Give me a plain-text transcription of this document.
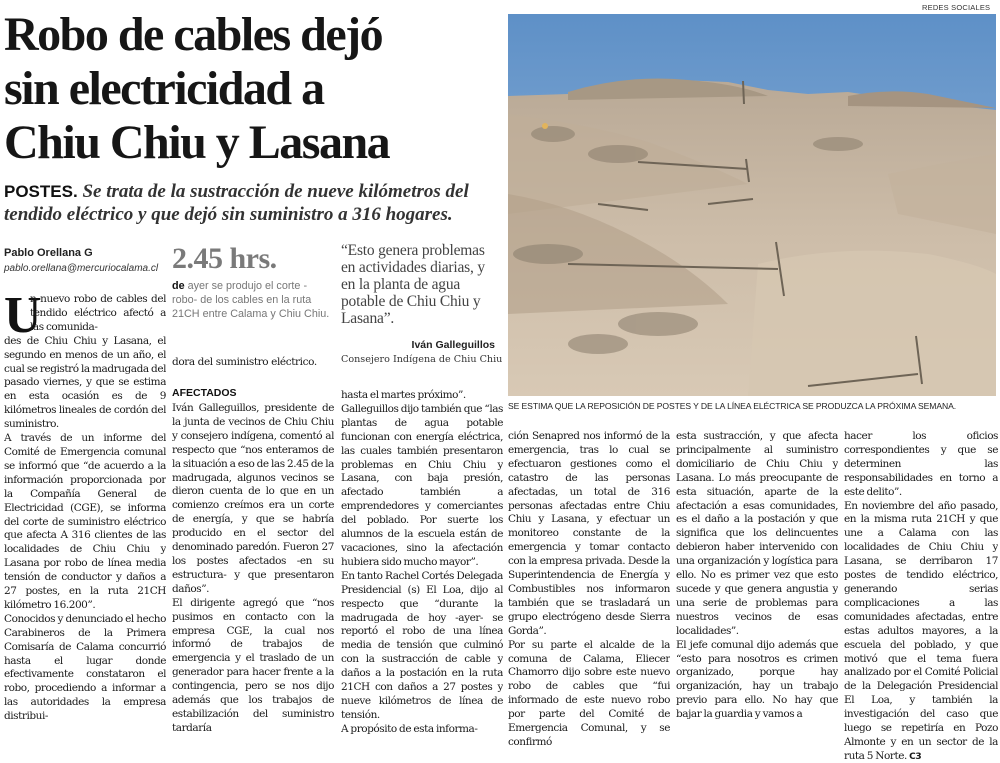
Robo de cables dejó
sin electricidad a
Chiu Chiu y Lasana

POSTES. Se trata de la sustracción de nueve kilómetros del tendido eléctrico y que dejó sin suministro a 316 hogares.

Pablo Orellana G
pablo.orellana@mercuriocalama.cl
U
n nuevo robo de cables del tendido eléctrico afectó a las comunida-
des de Chiu Chiu y Lasana, el segundo en menos de un año, el cual se registró la madrugada del pasado viernes, y que se estima en esta ocasión es de 9 kilómetros lineales de cordón del suministro.
A través de un informe del Comité de Emergencia comunal se informó que “de acuerdo a la información proporcionada por la Compañía General de Electricidad (CGE), se informa del corte de suministro eléctrico que afecta A 316 clientes de las localidades de Chiu Chiu y Lasana por robo de línea media tensión de conductor y daños a 27 postes, en la ruta 21CH kilómetro 16.200”.
Conocidos y denunciado el hecho Carabineros de la Primera Comisaría de Calama concurrió hasta el lugar donde efectivamente constataron el robo, procediendo a informar a las autoridades la empresa distribui-
2.45 hrs.
de ayer se produjo el corte -robo- de los cables en la ruta 21CH entre Calama y Chiu Chiu.
dora del suministro eléctrico.
AFECTADOS
Iván Galleguillos, presidente de la junta de vecinos de Chiu Chiu y consejero indígena, comentó al respecto que “nos enteramos de la situación a eso de las 2.45 de la madrugada, algunos vecinos se dieron cuenta de lo que en un comienzo creímos era un corte de energía, y que se habría producido en el sector del denominado paredón. Fueron 27 los postes afectados -en su estructura- y que presentaron daños”.
El dirigente agregó que “nos pusimos en contacto con la empresa CGE, la cual nos informó de trabajos de emergencia y el traslado de un generador para hacer frente a la contingencia, pero se nos dijo además que los trabajos de estabilización del suministro tardaría
“Esto genera problemas en actividades diarias, y en la planta de agua potable de Chiu Chiu y Lasana”.
Iván Galleguillos
Consejero Indígena de Chiu Chiu
hasta el martes próximo”.
Galleguillos dijo también que “las plantas de agua potable funcionan con energía eléctrica, las cuales también presentaron problemas en Chiu Chiu y Lasana, con baja presión, afectado también a emprendedores y comerciantes del poblado. Por suerte los alumnos de la escuela están de vacaciones, sino la afectación hubiera sido mucho mayor”.
En tanto Rachel Cortés Delegada Presidencial (s) El Loa, dijo al respecto que “durante la madrugada de hoy -ayer- se reportó el robo de una línea media de tensión que culminó con la sustracción de cable y daños a la postación en la ruta 21CH con daños a 27 postes y nueve kilómetros de línea de tensión.
A propósito de esta informa-
REDES SOCIALES
SE ESTIMA QUE LA REPOSICIÓN DE POSTES Y DE LA LÍNEA ELÉCTRICA SE PRODUZCA LA PRÓXIMA SEMANA.
ción Senapred nos informó de la emergencia, tras lo cual se efectuaron gestiones como el catastro de las personas afectadas, un total de 316 personas afectadas entre Chiu Chiu y Lasana, y efectuar un monitoreo constante de la emergencia y tomar contacto con la empresa privada. Desde la Superintendencia de Energía y Combustibles nos informaron también que se trasladará un grupo electrógeno desde Sierra Gorda”.
Por su parte el alcalde de la comuna de Calama, Eliecer Chamorro dijo sobre este nuevo robo de cables que “fui informado de este nuevo robo por parte del Comité de Emergencia Comunal, y se confirmó
esta sustracción, y que afecta principalmente al suministro domiciliario de Chiu Chiu y Lasana. Lo más preocupante de esta situación, aparte de la afectación a esas comunidades, es el daño a la postación y que significa que los delincuentes debieron haber intervenido con una organización y logística para ello. No es primer vez que esto sucede y que genera angustia y una serie de problemas para nuestros vecinos de esas localidades”.
El jefe comunal dijo además que “esto para nosotros es crimen organizado, porque hay organización, hay un trabajo previo para ello. No hay que bajar la guardia y vamos a
hacer los oficios correspondientes y que se determinen las responsabilidades en torno a este delito”.
En noviembre del año pasado, en la misma ruta 21CH y que une a Calama con las localidades de Chiu Chiu y Lasana, se derribaron 17 postes de tendido eléctrico, generando serias complicaciones a las comunidades afectadas, entre estas adultos mayores, a la escuela del poblado, y que motivó que el tema fuera analizado por el Comité Policial de la Delegación Presidencial El Loa, y también la investigación del caso que luego se repetiría en Pozo Almonte y en un sector de la ruta 5 Norte. C3
